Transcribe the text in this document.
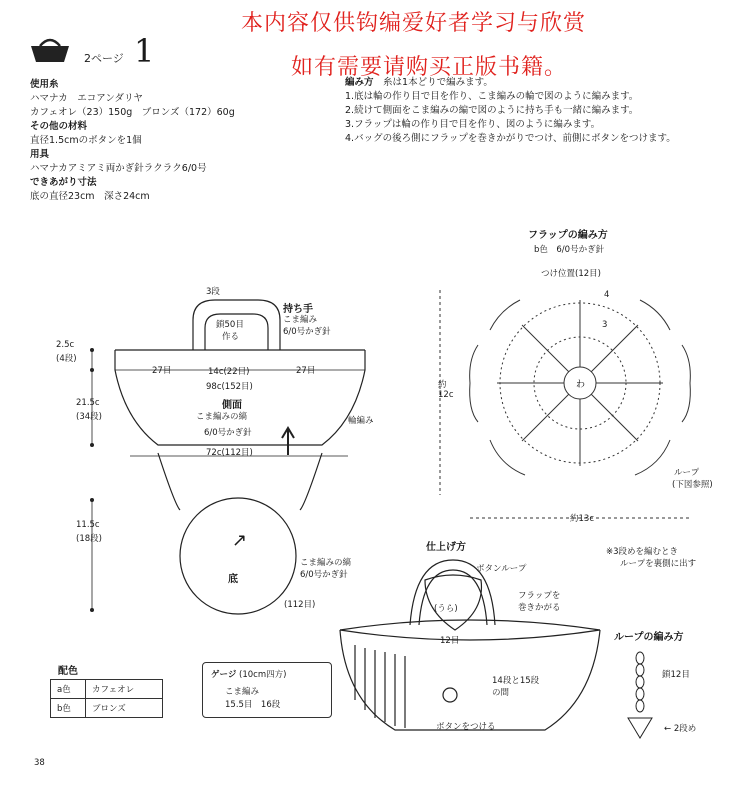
本内容仅供钩编爱好者学习与欣赏
如有需要请购买正版书籍。
2ページ 1
使用糸
ハマナカ　エコアンダリヤ
カフェオレ（23）150g　ブロンズ（172）60g
その他の材料
直径1.5cmのボタンを1個
用具
ハマナカアミアミ両かぎ針ラクラク6/0号
できあがり寸法
底の直径23cm　深さ24cm
編み方　 糸は1本どりで編みます。
1.底は輪の作り目で目を作り、こま編みの輪で図のように編みます。
2.続けて側面をこま編みの編で図のように持ち手も一緒に編みます。
3.フラップは輪の作り目で目を作り、図のように編みます。
4.バッグの後ろ側にフラップを巻きかがりでつけ、前側にボタンをつけます。
3段
持ち手
こま編み
6/0号かぎ針
鎖50目
作る
2.5c
(4段)
27目	14c(22目)	27目
98c(152目)
21.5c
(34段)
側面
こま編みの縞
6/0号かぎ針
輪編み
72c(112目)
11.5c
(18段)	↗
底
こま編みの縞
6/0号かぎ針
(112目)
フラップの編み方
b色　6/0号かぎ針
つけ位置(12目)
わ
約
12c
約13c
3
4
ループ
(下図参照)
※3段めを編むとき
ループを裏側に出す
仕上げ方
ボタンループ
フラップを
巻きかがる
(うら)
12目
14段と15段
の間
ボタンをつける
ループの編み方
鎖12目
← 2段め
配色
a色	カフェオレ
b色	ブロンズ
ゲージ (10cm四方)
こま編み
15.5目　16段
38
